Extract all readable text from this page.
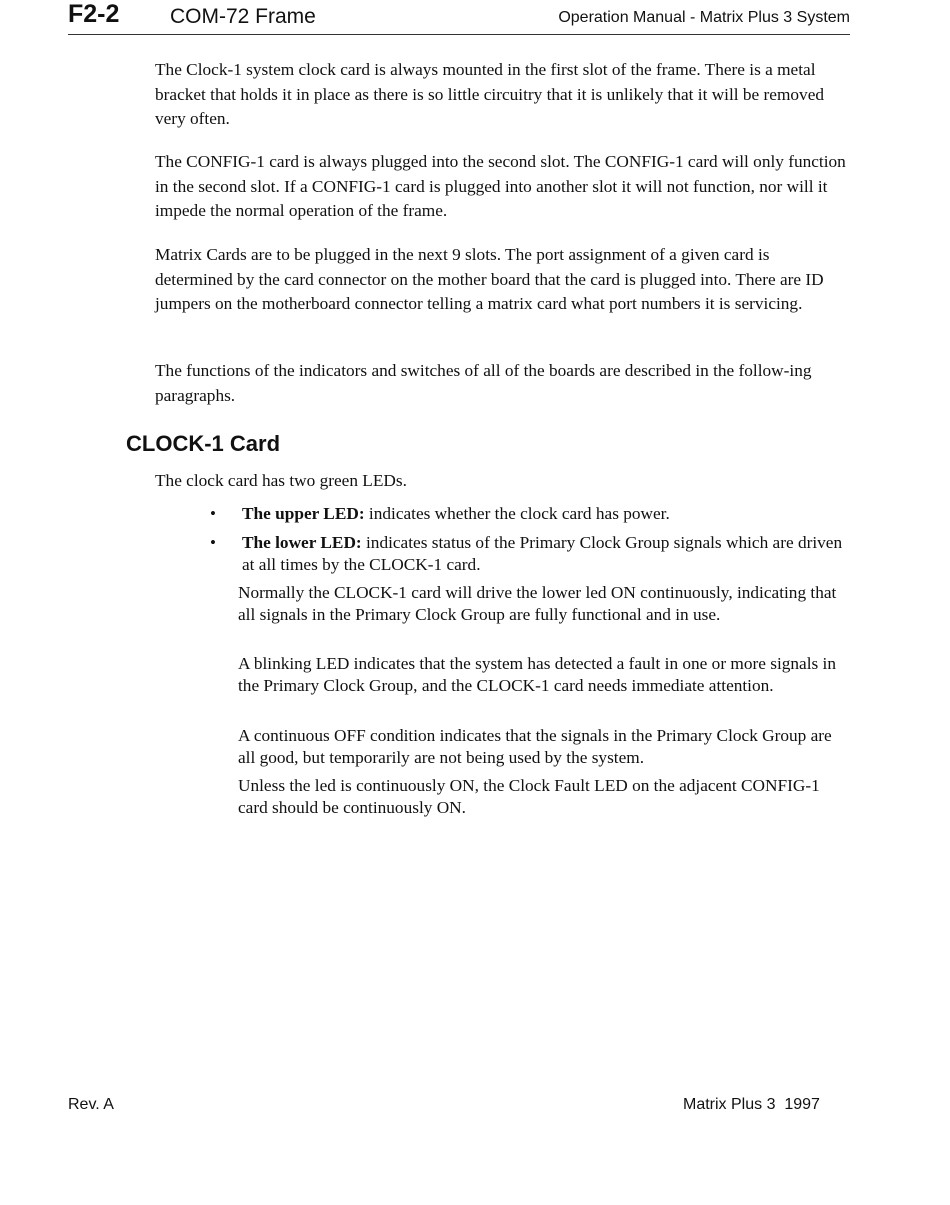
F2-2 COM-72 Frame	Operation Manual - Matrix Plus 3 System

The Clock-1 system clock card is always mounted in the first slot of the frame. There is a metal bracket that holds it in place as there is so little circuitry that it is unlikely that it will be removed very often.

The CONFIG-1 card is always plugged into the second slot. The CONFIG-1 card will only function in the second slot. If a CONFIG-1 card is plugged into another slot it will not function, nor will it impede the normal operation of the frame.

Matrix Cards are to be plugged in the next 9 slots. The port assignment of a given card is determined by the card connector on the mother board that the card is plugged into. There are ID jumpers on the motherboard connector telling a matrix card what port numbers it is servicing.

The functions of the indicators and switches of all of the boards are described in the follow-ing paragraphs.

CLOCK-1 Card

The clock card has two green LEDs.

• The upper LED: indicates whether the clock card has power.
• The lower LED: indicates status of the Primary Clock Group signals which are driven at all times by the CLOCK-1 card.

Normally the CLOCK-1 card will drive the lower led ON continuously, indicating that all signals in the Primary Clock Group are fully functional and in use.

A blinking LED indicates that the system has detected a fault in one or more signals in the Primary Clock Group, and the CLOCK-1 card needs immediate attention.

A continuous OFF condition indicates that the signals in the Primary Clock Group are all good, but temporarily are not being used by the system.

Unless the led is continuously ON, the Clock Fault LED on the adjacent CONFIG-1 card should be continuously ON.

Rev. A	Matrix Plus 3  1997
